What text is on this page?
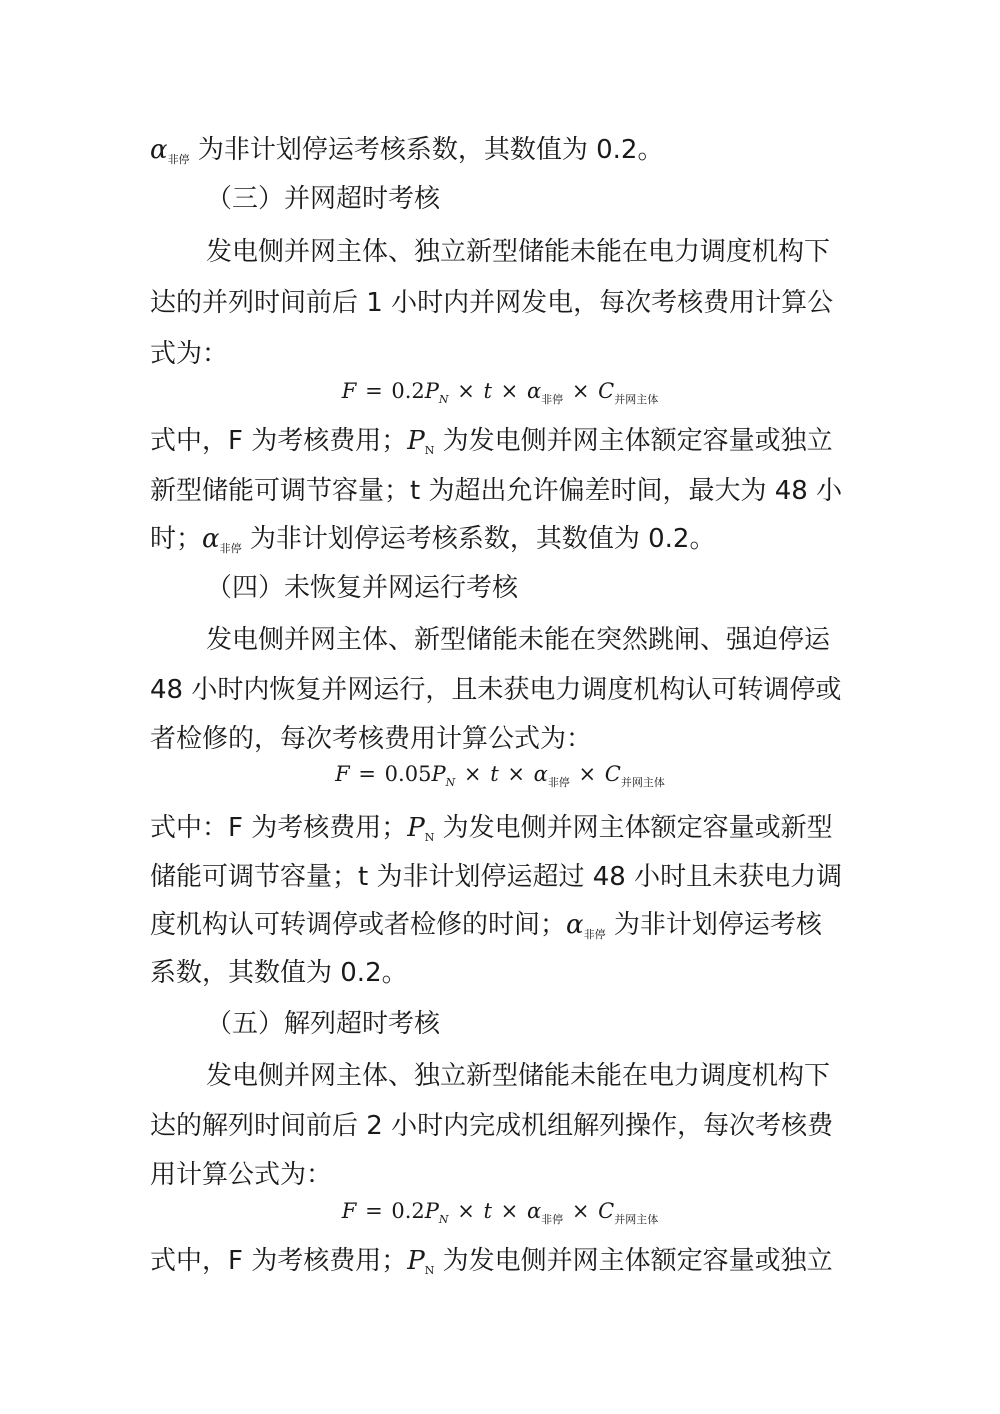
α非停 为非计划停运考核系数，其数值为 0.2。
（三）并网超时考核
发电侧并网主体、独立新型储能未能在电力调度机构下
达的并列时间前后 1 小时内并网发电，每次考核费用计算公
式为：
$F = 0.2P_N \times t \times \alpha_{非停} \times C_{并网主体}$
式中，F 为考核费用；PN 为发电侧并网主体额定容量或独立
新型储能可调节容量；t 为超出允许偏差时间，最大为 48 小
时；α非停 为非计划停运考核系数，其数值为 0.2。
（四）未恢复并网运行考核
发电侧并网主体、新型储能未能在突然跳闸、强迫停运
48 小时内恢复并网运行，且未获电力调度机构认可转调停或
者检修的，每次考核费用计算公式为：
$F = 0.05P_N \times t \times \alpha_{非停} \times C_{并网主体}$
式中：F 为考核费用；PN 为发电侧并网主体额定容量或新型
储能可调节容量；t 为非计划停运超过 48 小时且未获电力调
度机构认可转调停或者检修的时间；α非停 为非计划停运考核
系数，其数值为 0.2。
（五）解列超时考核
发电侧并网主体、独立新型储能未能在电力调度机构下
达的解列时间前后 2 小时内完成机组解列操作，每次考核费
用计算公式为：
$F = 0.2P_N \times t \times \alpha_{非停} \times C_{并网主体}$
式中，F 为考核费用；PN 为发电侧并网主体额定容量或独立
